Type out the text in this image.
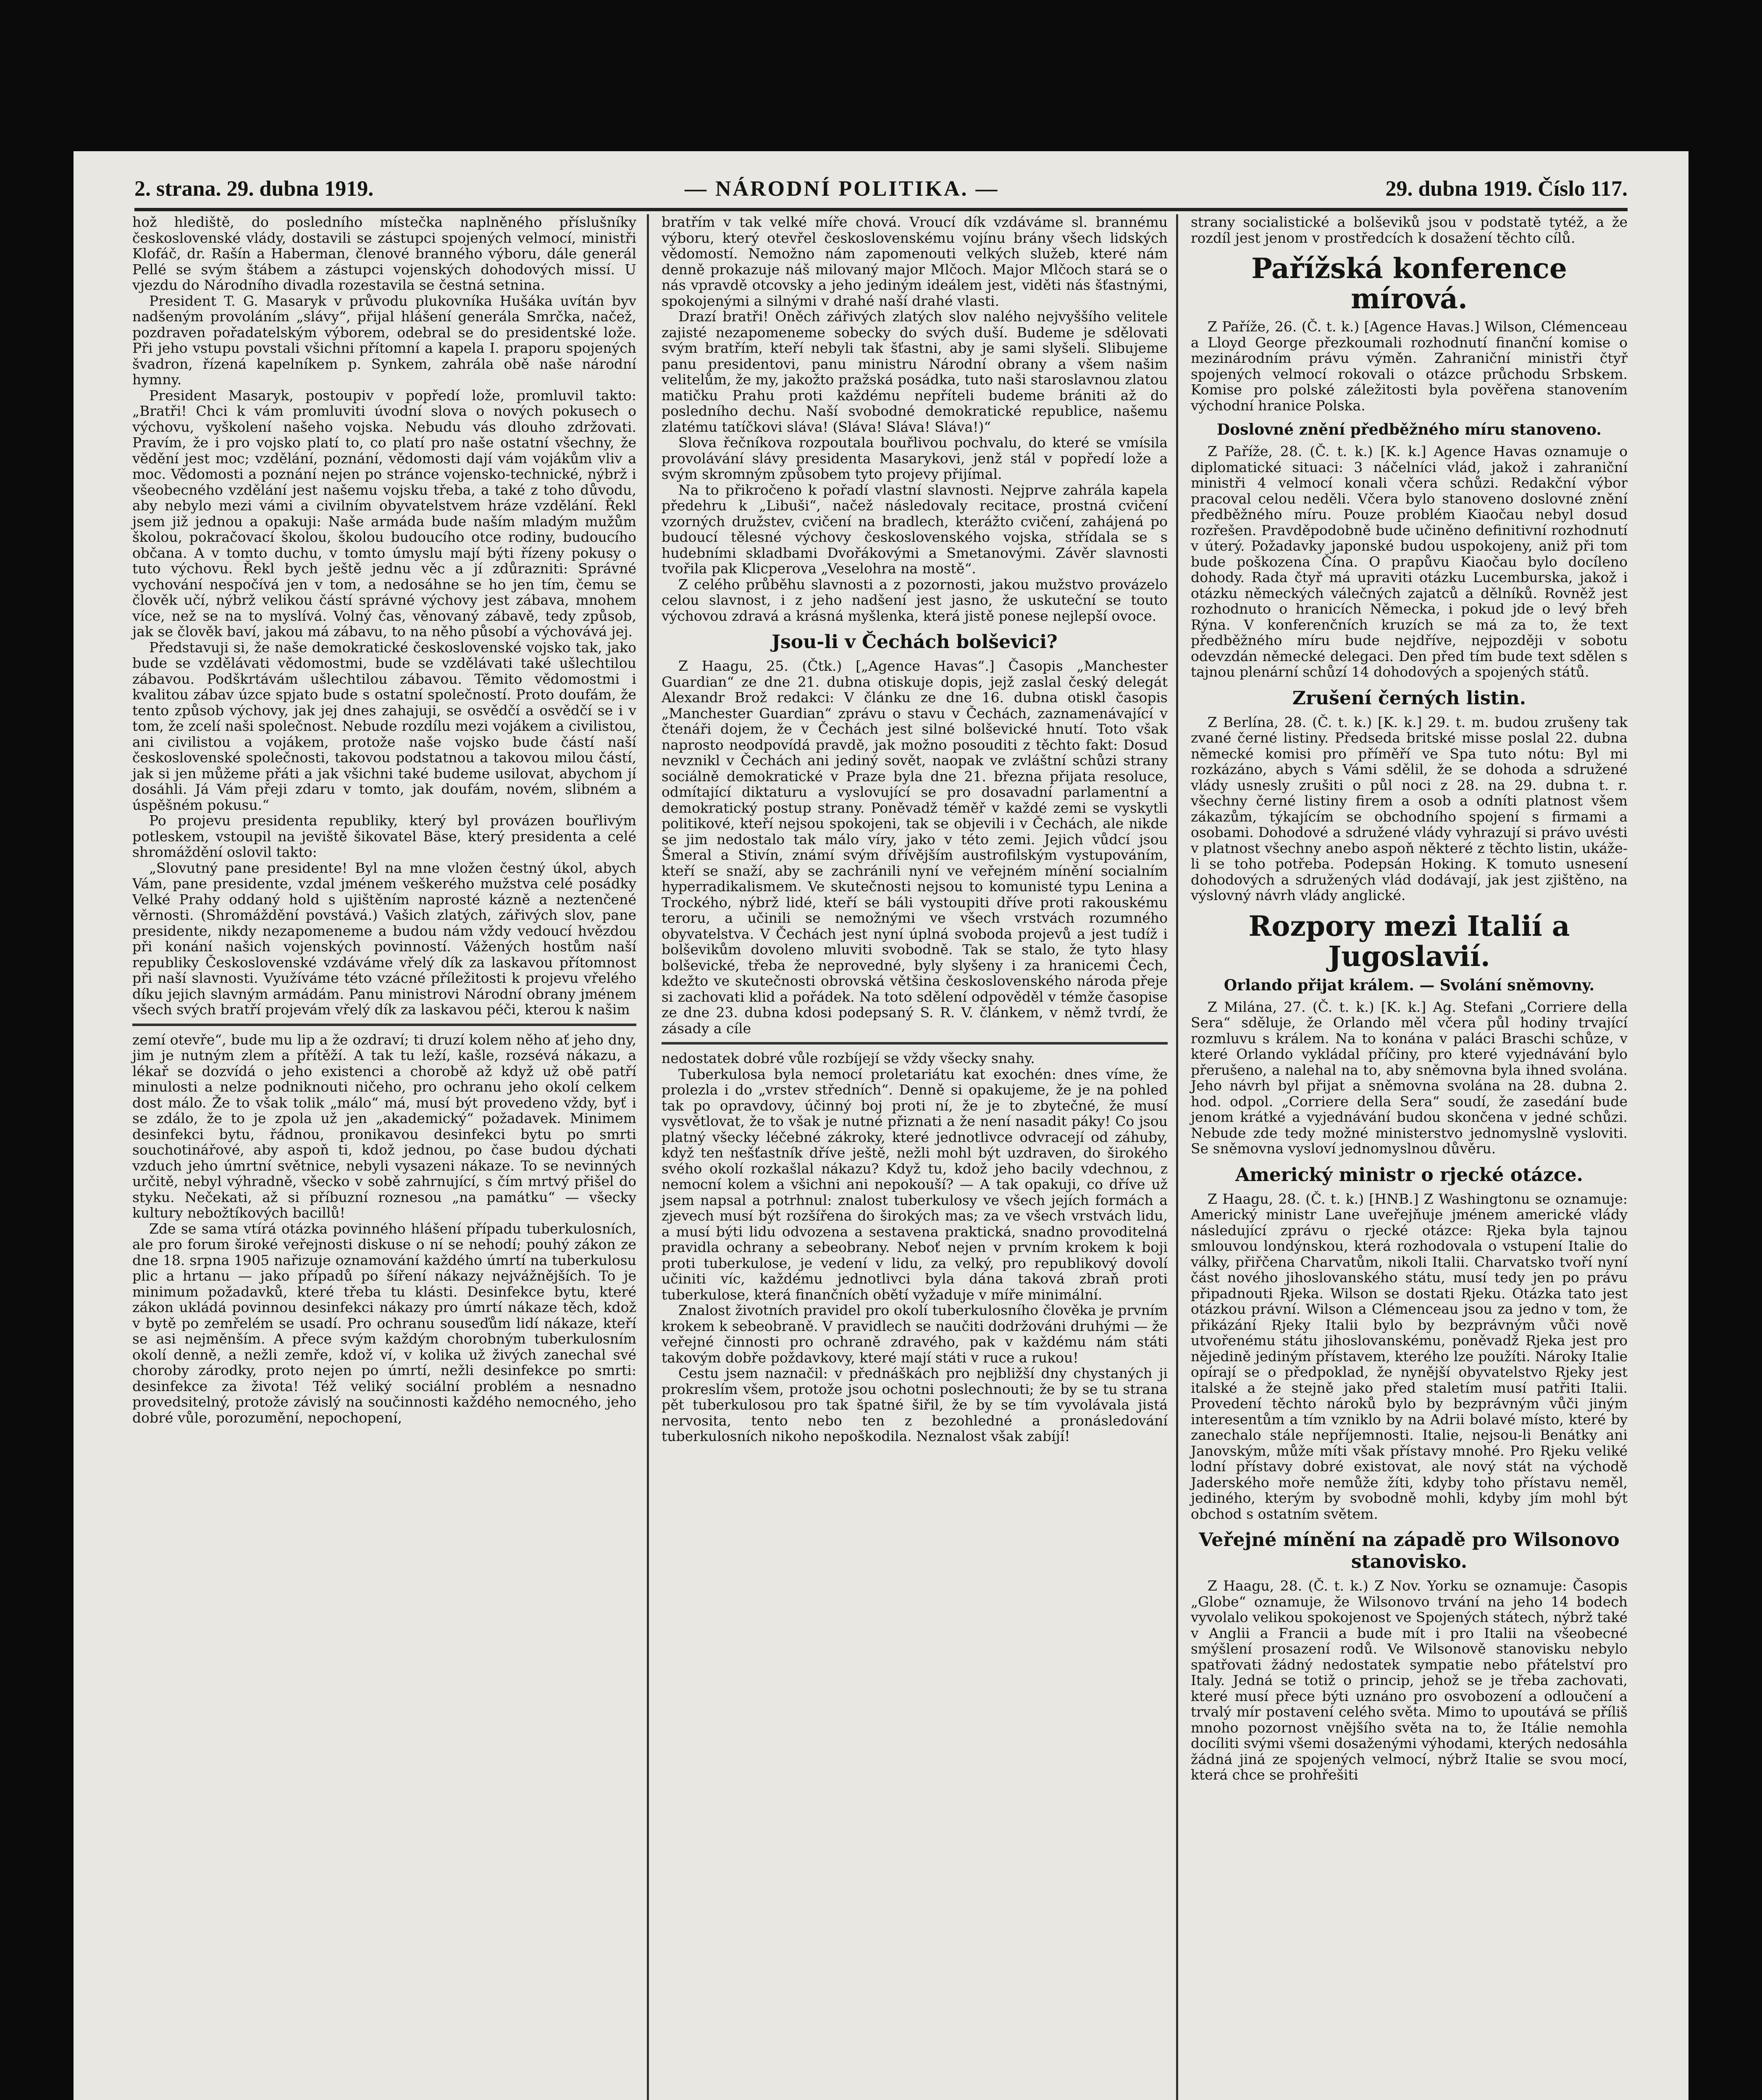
2. strana. 29. dubna 1919.	— NÁRODNÍ POLITIKA. —	29. dubna 1919. Číslo 117.

hož hlediště, do posledního místečka naplněného příslušníky československé vlády, dostavili se zástupci spojených velmocí, ministři Klofáč, dr. Rašín a Haberman, členové branného výboru, dále generál Pellé se svým štábem a zástupci vojenských dohodových missí. U vjezdu do Národního divadla rozestavila se čestná setnina.

President T. G. Masaryk v průvodu plukovníka Hušáka uvítán byv nadšeným provoláním „slávy“, přijal hlášení generála Smrčka, načež, pozdraven pořadatelským výborem, odebral se do presidentské lože. Při jeho vstupu povstali všichni přítomní a kapela I. praporu spojených švadron, řízená kapelníkem p. Synkem, zahrála obě naše národní hymny.

President Masaryk, postoupiv v popředí lože, promluvil takto: „Bratři! Chci k vám promluviti úvodní slova o nových pokusech o výchovu, vyškolení našeho vojska. Nebudu vás dlouho zdržovati. Pravím, že i pro vojsko platí to, co platí pro naše ostatní všechny, že vědění jest moc; vzdělání, poznání, vědomosti dají vám vojákům vliv a moc. Vědomosti a poznání nejen po stránce vojensko-technické, nýbrž i všeobecného vzdělání jest našemu vojsku třeba, a také z toho důvodu, aby nebylo mezi vámi a civilním obyvatelstvem hráze vzdělání. Řekl jsem již jednou a opakuji: Naše armáda bude naším mladým mužům školou, pokračovací školou, školou budoucího otce rodiny, budoucího občana. A v tomto duchu, v tomto úmyslu mají býti řízeny pokusy o tuto výchovu. Řekl bych ještě jednu věc a jí zdůrazniti: Správné vychování nespočívá jen v tom, a nedosáhne se ho jen tím, čemu se člověk učí, nýbrž velikou částí správné výchovy jest zábava, mnohem více, než se na to myslívá. Volný čas, věnovaný zábavě, tedy způsob, jak se člověk baví, jakou má zábavu, to na něho působí a výchovává jej.

Představuji si, že naše demokratické československé vojsko tak, jako bude se vzdělávati vědomostmi, bude se vzdělávati také ušlechtilou zábavou. Podškrtávám ušlechtilou zábavou. Těmito vědomostmi i kvalitou zábav úzce spjato bude s ostatní společností. Proto doufám, že tento způsob výchovy, jak jej dnes zahajuji, se osvědčí a osvědčí se i v tom, že zcelí naši společnost. Nebude rozdílu mezi vojákem a civilistou, ani civilistou a vojákem, protože naše vojsko bude částí naší československé společnosti, takovou podstatnou a takovou milou částí, jak si jen můžeme přáti a jak všichni také budeme usilovat, abychom jí dosáhli. Já Vám přeji zdaru v tomto, jak doufám, novém, slibném a úspěšném pokusu.“

Po projevu presidenta republiky, který byl provázen bouřlivým potleskem, vstoupil na jeviště šikovatel Bäse, který presidenta a celé shromáždění oslovil takto:

„Slovutný pane presidente! Byl na mne vložen čestný úkol, abych Vám, pane presidente, vzdal jménem veškerého mužstva celé posádky Velké Prahy oddaný hold s ujištěním naprosté kázně a neztenčené věrnosti. (Shromáždění povstává.) Vašich zlatých, zářivých slov, pane presidente, nikdy nezapomeneme a budou nám vždy vedoucí hvězdou při konání našich vojenských povinností. Vážených hostům naší republiky Československé vzdáváme vřelý dík za laskavou přítomnost při naší slavnosti. Využíváme této vzácné příležitosti k projevu vřelého díku jejich slavným armádám. Panu ministrovi Národní obrany jménem všech svých bratří projevám vřelý dík za laskavou péči, kterou k našim

zemí otevře“, bude mu lip a že ozdraví; ti druzí kolem něho ať jeho dny, jim je nutným zlem a přítěží. A tak tu leží, kašle, rozsévá nákazu, a lékař se dozvídá o jeho existenci a chorobě až když už obě patří minulosti a nelze podniknouti ničeho, pro ochranu jeho okolí celkem dost málo. Že to však tolik „málo“ má, musí být provedeno vždy, byť i se zdálo, že to je zpola už jen „akademický“ požadavek. Minimem desinfekci bytu, řádnou, pronikavou desinfekci bytu po smrti souchotinářové, aby aspoň ti, kdož jednou, po čase budou dýchati vzduch jeho úmrtní světnice, nebyli vysazeni nákaze. To se nevinných určitě, nebyl výhradně, všecko v sobě zahrnující, s čím mrtvý přišel do styku. Nečekati, až si příbuzní roznesou „na památku“ — všecky kultury nebožtíkových bacillů!

Zde se sama vtírá otázka povinného hlášení případu tuberkulosních, ale pro forum široké veřejnosti diskuse o ní se nehodí; pouhý zákon ze dne 18. srpna 1905 nařizuje oznamování každého úmrtí na tuberkulosu plic a hrtanu — jako případů po šíření nákazy nejvážnějších. To je minimum požadavků, které třeba tu klásti. Desinfekce bytu, které zákon ukládá povinnou desinfekci nákazy pro úmrtí nákaze těch, kdož v bytě po zemřelém se usadí. Pro ochranu souseďům lidí nákaze, kteří se asi nejměnším. A přece svým každým chorobným tuberkulosním okolí denně, a nežli zemře, kdož ví, v kolika už živých zanechal své choroby zárodky, proto nejen po úmrtí, nežli desinfekce po smrti: desinfekce za života! Též veliký sociální problém a nesnadno provedsitelný, protože závislý na součinnosti každého nemocného, jeho dobré vůle, porozumění, nepochopení,

bratřím v tak velké míře chová. Vroucí dík vzdáváme sl. brannému výboru, který otevřel československému vojínu brány všech lidských vědomostí. Nemožno nám zapomenouti velkých služeb, které nám denně prokazuje náš milovaný major Mlčoch. Major Mlčoch stará se o nás vpravdě otcovsky a jeho jediným ideálem jest, viděti nás šťastnými, spokojenými a silnými v drahé naší drahé vlasti.

Drazí bratři! Oněch zářivých zlatých slov nalého nejvyššího velitele zajisté nezapomeneme sobecky do svých duší. Budeme je sdělovati svým bratřím, kteří nebyli tak šťastni, aby je sami slyšeli. Slibujeme panu presidentovi, panu ministru Národní obrany a všem našim velitelům, že my, jakožto pražská posádka, tuto naši staroslavnou zlatou matičku Prahu proti každému nepříteli budeme brániti až do posledního dechu. Naší svobodné demokratické republice, našemu zlatému tatíčkovi sláva! (Sláva! Sláva! Sláva!)“

Slova řečníkova rozpoutala bouřlivou pochvalu, do které se vmísila provolávání slávy presidenta Masarykovi, jenž stál v popředí lože a svým skromným způsobem tyto projevy přijímal.

Na to přikročeno k pořadí vlastní slavnosti. Nejprve zahrála kapela předehru k „Libuši“, načež následovaly recitace, prostná cvičení vzorných družstev, cvičení na bradlech, kterážto cvičení, zahájená po budoucí tělesné výchovy československého vojska, střídala se s hudebními skladbami Dvořákovými a Smetanovými. Závěr slavnosti tvořila pak Klicperova „Veselohra na mostě“.

Z celého průběhu slavnosti a z pozornosti, jakou mužstvo provázelo celou slavnost, i z jeho nadšení jest jasno, že uskuteční se touto výchovou zdravá a krásná myšlenka, která jistě ponese nejlepší ovoce.

Jsou-li v Čechách bolševici?

Z Haagu, 25. (Čtk.) [„Agence Havas“.] Časopis „Manchester Guardian“ ze dne 21. dubna otiskuje dopis, jejž zaslal český delegát Alexandr Brož redakci: V článku ze dne 16. dubna otiskl časopis „Manchester Guardian“ zprávu o stavu v Čechách, zaznamenávající v čtenáři dojem, že v Čechách jest silné bolševické hnutí. Toto však naprosto neodpovídá pravdě, jak možno posouditi z těchto fakt: Dosud nevznikl v Čechách ani jediný sovět, naopak ve zvláštní schůzi strany sociálně demokratické v Praze byla dne 21. března přijata resoluce, odmítající diktaturu a vyslovující se pro dosavadní parlamentní a demokratický postup strany. Poněvadž téměř v každé zemi se vyskytli politikové, kteří nejsou spokojeni, tak se objevili i v Čechách, ale nikde se jim nedostalo tak málo víry, jako v této zemi. Jejich vůdcí jsou Šmeral a Stivín, známí svým dřívějším austrofilským vystupováním, kteří se snaží, aby se zachránili nyní ve veřejném mínění socialním hyperradikalismem. Ve skutečnosti nejsou to komunisté typu Lenina a Trockého, nýbrž lidé, kteří se báli vystoupiti dříve proti rakouskému teroru, a učinili se nemožnými ve všech vrstvách rozumného obyvatelstva. V Čechách jest nyní úplná svoboda projevů a jest tudíž i bolševikům dovoleno mluviti svobodně. Tak se stalo, že tyto hlasy bolševické, třeba že neprovedné, byly slyšeny i za hranicemi Čech, kdežto ve skutečnosti obrovská většina československého národa přeje si zachovati klid a pořádek. Na toto sdělení odpověděl v témže časopise ze dne 23. dubna kdosi podepsaný S. R. V. článkem, v němž tvrdí, že zásady a cíle

nedostatek dobré vůle rozbíjejí se vždy všecky snahy.

Tuberkulosa byla nemocí proletariátu kat exochén: dnes víme, že prolezla i do „vrstev středních“. Denně si opakujeme, že je na pohled tak po opravdovy, účinný boj proti ní, že je to zbytečné, že musí vysvětlovat, že to však je nutné přiznati a že není nasadit páky! Co jsou platný všecky léčebné zákroky, které jednotlivce odvracejí od záhuby, když ten nešťastník dříve ještě, nežli mohl být uzdraven, do širokého svého okolí rozkašlal nákazu? Když tu, kdož jeho bacily vdechnou, z nemocní kolem a všichni ani nepokouší? — A tak opakuji, co dříve už jsem napsal a potrhnul: znalost tuberkulosy ve všech jejích formách a zjevech musí být rozšířena do širokých mas; za ve všech vrstvách lidu, a musí býti lidu odvozena a sestavena praktická, snadno provoditelná pravidla ochrany a sebeobrany. Neboť nejen v prvním krokem k boji proti tuberkulose, je vedení v lidu, za velký, pro republikový dovolí učiniti víc, každému jednotlivci byla dána taková zbraň proti tuberkulose, která finančních obětí vyžaduje v míře minimální.

Znalost životních pravidel pro okolí tuberkulosního člověka je prvním krokem k sebeobraně. V pravidlech se naučiti dodržováni druhými — že veřejné činnosti pro ochraně zdravého, pak v každému nám státi takovým dobře poždavkovy, které mají státi v ruce a rukou!

Cestu jsem naznačil: v přednáškách pro nejbližší dny chystaných ji prokreslím všem, protože jsou ochotni poslechnouti; že by se tu strana pět tuberkulosou pro tak špatné šiřil, že by se tím vyvolávala jistá nervosita, tento nebo ten z bezohledné a pronásledování tuberkulosních nikoho nepoškodila. Neznalost však zabíjí!

strany socialistické a bolševiků jsou v podstatě tytéž, a že rozdíl jest jenom v prostředcích k dosažení těchto cílů.

Pařížská konference mírová.

Z Paříže, 26. (Č. t. k.) [Agence Havas.] Wilson, Clémenceau a Lloyd George přezkoumali rozhodnutí finanční komise o mezinárodním právu výměn. Zahraniční ministři čtyř spojených velmocí rokovali o otázce průchodu Srbskem. Komise pro polské záležitosti byla pověřena stanovením východní hranice Polska.

Doslovné znění předběžného míru stanoveno.

Z Paříže, 28. (Č. t. k.) [K. k.] Agence Havas oznamuje o diplomatické situaci: 3 náčelníci vlád, jakož i zahraniční ministři 4 velmocí konali včera schůzi. Redakční výbor pracoval celou neděli. Včera bylo stanoveno doslovné znění předběžného míru. Pouze problém Kiaočau nebyl dosud rozřešen. Pravděpodobně bude učiněno definitivní rozhodnutí v úterý. Požadavky japonské budou uspokojeny, aniž při tom bude poškozena Čína. O prapůvu Kiaočau bylo docíleno dohody. Rada čtyř má upraviti otázku Lucemburska, jakož i otázku německých válečných zajatců a dělníků. Rovněž jest rozhodnuto o hranicích Německa, i pokud jde o levý břeh Rýna. V konferenčních kruzích se má za to, že text předběžného míru bude nejdříve, nejpozději v sobotu odevzdán německé delegaci. Den před tím bude text sdělen s tajnou plenární schůzí 14 dohodových a spojených států.

Zrušení černých listin.

Z Berlína, 28. (Č. t. k.) [K. k.] 29. t. m. budou zrušeny tak zvané černé listiny. Předseda britské misse poslal 22. dubna německé komisi pro příměří ve Spa tuto nótu: Byl mi rozkázáno, abych s Vámi sdělil, že se dohoda a sdružené vlády usnesly zrušiti o půl noci z 28. na 29. dubna t. r. všechny černé listiny firem a osob a odníti platnost všem zákazům, týkajícím se obchodního spojení s firmami a osobami. Dohodové a sdružené vlády vyhrazují si právo uvésti v platnost všechny anebo aspoň některé z těchto listin, ukáže-li se toho potřeba. Podepsán Hoking. K tomuto usnesení dohodových a sdružených vlád dodávají, jak jest zjištěno, na výslovný návrh vlády anglické.

Rozpory mezi Italií a Jugoslavií.
Orlando přijat králem. — Svolání sněmovny.

Z Milána, 27. (Č. t. k.) [K. k.] Ag. Stefani „Corriere della Sera“ sděluje, že Orlando měl včera půl hodiny trvající rozmluvu s králem. Na to konána v paláci Braschi schůze, v které Orlando vykládal příčiny, pro které vyjednávání bylo přerušeno, a nalehal na to, aby sněmovna byla ihned svolána. Jeho návrh byl přijat a sněmovna svolána na 28. dubna 2. hod. odpol. „Corriere della Sera“ soudí, že zasedání bude jenom krátké a vyjednávání budou skončena v jedné schůzi. Nebude zde tedy možné ministerstvo jednomyslně vysloviti. Se sněmovna vysloví jednomyslnou důvěru.

Americký ministr o rjecké otázce.

Z Haagu, 28. (Č. t. k.) [HNB.] Z Washingtonu se oznamuje: Americký ministr Lane uveřejňuje jménem americké vlády následující zprávu o rjecké otázce: Rjeka byla tajnou smlouvou londýnskou, která rozhodovala o vstupení Italie do války, přiřčena Charvatům, nikoli Italii. Charvatsko tvoří nyní část nového jihoslovanského státu, musí tedy jen po právu připadnouti Rjeka. Wilson se dostati Rjeku. Otázka tato jest otázkou právní. Wilson a Clémenceau jsou za jedno v tom, že přikázání Rjeky Italii bylo by bezprávným vůči nově utvořenému státu jihoslovanskému, poněvadž Rjeka jest pro nějedině jediným přístavem, kterého lze použíti. Nároky Italie opírají se o předpoklad, že nynější obyvatelstvo Rjeky jest italské a že stejně jako před staletím musí patřiti Italii. Provedení těchto nároků bylo by bezprávným vůči jiným interesentům a tím vzniklo by na Adrii bolavé místo, které by zanechalo stále nepříjemnosti. Italie, nejsou-li Benátky ani Janovským, může míti však přístavy mnohé. Pro Rjeku veliké lodní přístavy dobré existovat, ale nový stát na východě Jaderského moře nemůže žíti, kdyby toho přístavu neměl, jediného, kterým by svobodně mohli, kdyby jím mohl být obchod s ostatním světem.

Veřejné mínění na západě pro Wilsonovo stanovisko.

Z Haagu, 28. (Č. t. k.) Z Nov. Yorku se oznamuje: Časopis „Globe“ oznamuje, že Wilsonovo trvání na jeho 14 bodech vyvolalo velikou spokojenost ve Spojených státech, nýbrž také v Anglii a Francii a bude mít i pro Italii na všeobecné smýšlení prosazení rodů. Ve Wilsonově stanovisku nebylo spatřovati žádný nedostatek sympatie nebo přátelství pro Italy. Jedná se totiž o princip, jehož se je třeba zachovati, které musí přece býti uznáno pro osvobození a odloučení a trvalý mír postavení celého světa. Mimo to upoutává se příliš mnoho pozornost vnějšího světa na to, že Itálie nemohla docíliti svými všemi dosaženými výhodami, kterých nedosáhla žádná jiná ze spojených velmocí, nýbrž Italie se svou mocí, která chce se prohřešiti
